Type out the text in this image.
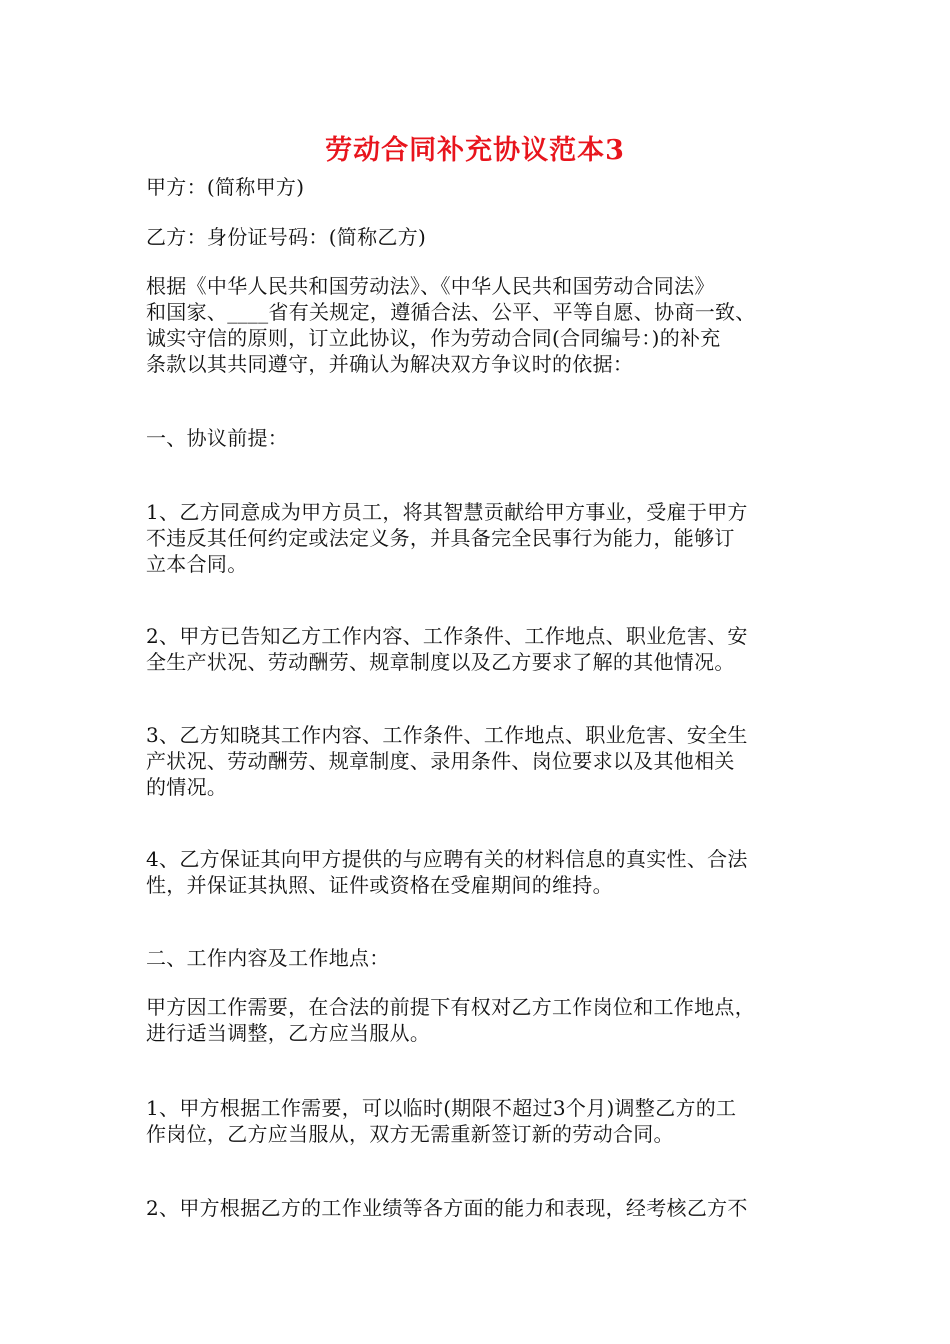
劳动合同补充协议范本3

甲方：(简称甲方)

乙方：身份证号码：(简称乙方)

根据《中华人民共和国劳动法》、《中华人民共和国劳动合同法》
和国家、____省有关规定，遵循合法、公平、平等自愿、协商一致、
诚实守信的原则，订立此协议，作为劳动合同(合同编号：)的补充
条款以其共同遵守，并确认为解决双方争议时的依据：

一、协议前提：

1、乙方同意成为甲方员工，将其智慧贡献给甲方事业，受雇于甲方
不违反其任何约定或法定义务，并具备完全民事行为能力，能够订
立本合同。

2、甲方已告知乙方工作内容、工作条件、工作地点、职业危害、安
全生产状况、劳动酬劳、规章制度以及乙方要求了解的其他情况。

3、乙方知晓其工作内容、工作条件、工作地点、职业危害、安全生
产状况、劳动酬劳、规章制度、录用条件、岗位要求以及其他相关
的情况。

4、乙方保证其向甲方提供的与应聘有关的材料信息的真实性、合法
性，并保证其执照、证件或资格在受雇期间的维持。

二、工作内容及工作地点：

甲方因工作需要，在合法的前提下有权对乙方工作岗位和工作地点，
进行适当调整，乙方应当服从。

1、甲方根据工作需要，可以临时(期限不超过3个月)调整乙方的工
作岗位，乙方应当服从，双方无需重新签订新的劳动合同。

2、甲方根据乙方的工作业绩等各方面的能力和表现，经考核乙方不
